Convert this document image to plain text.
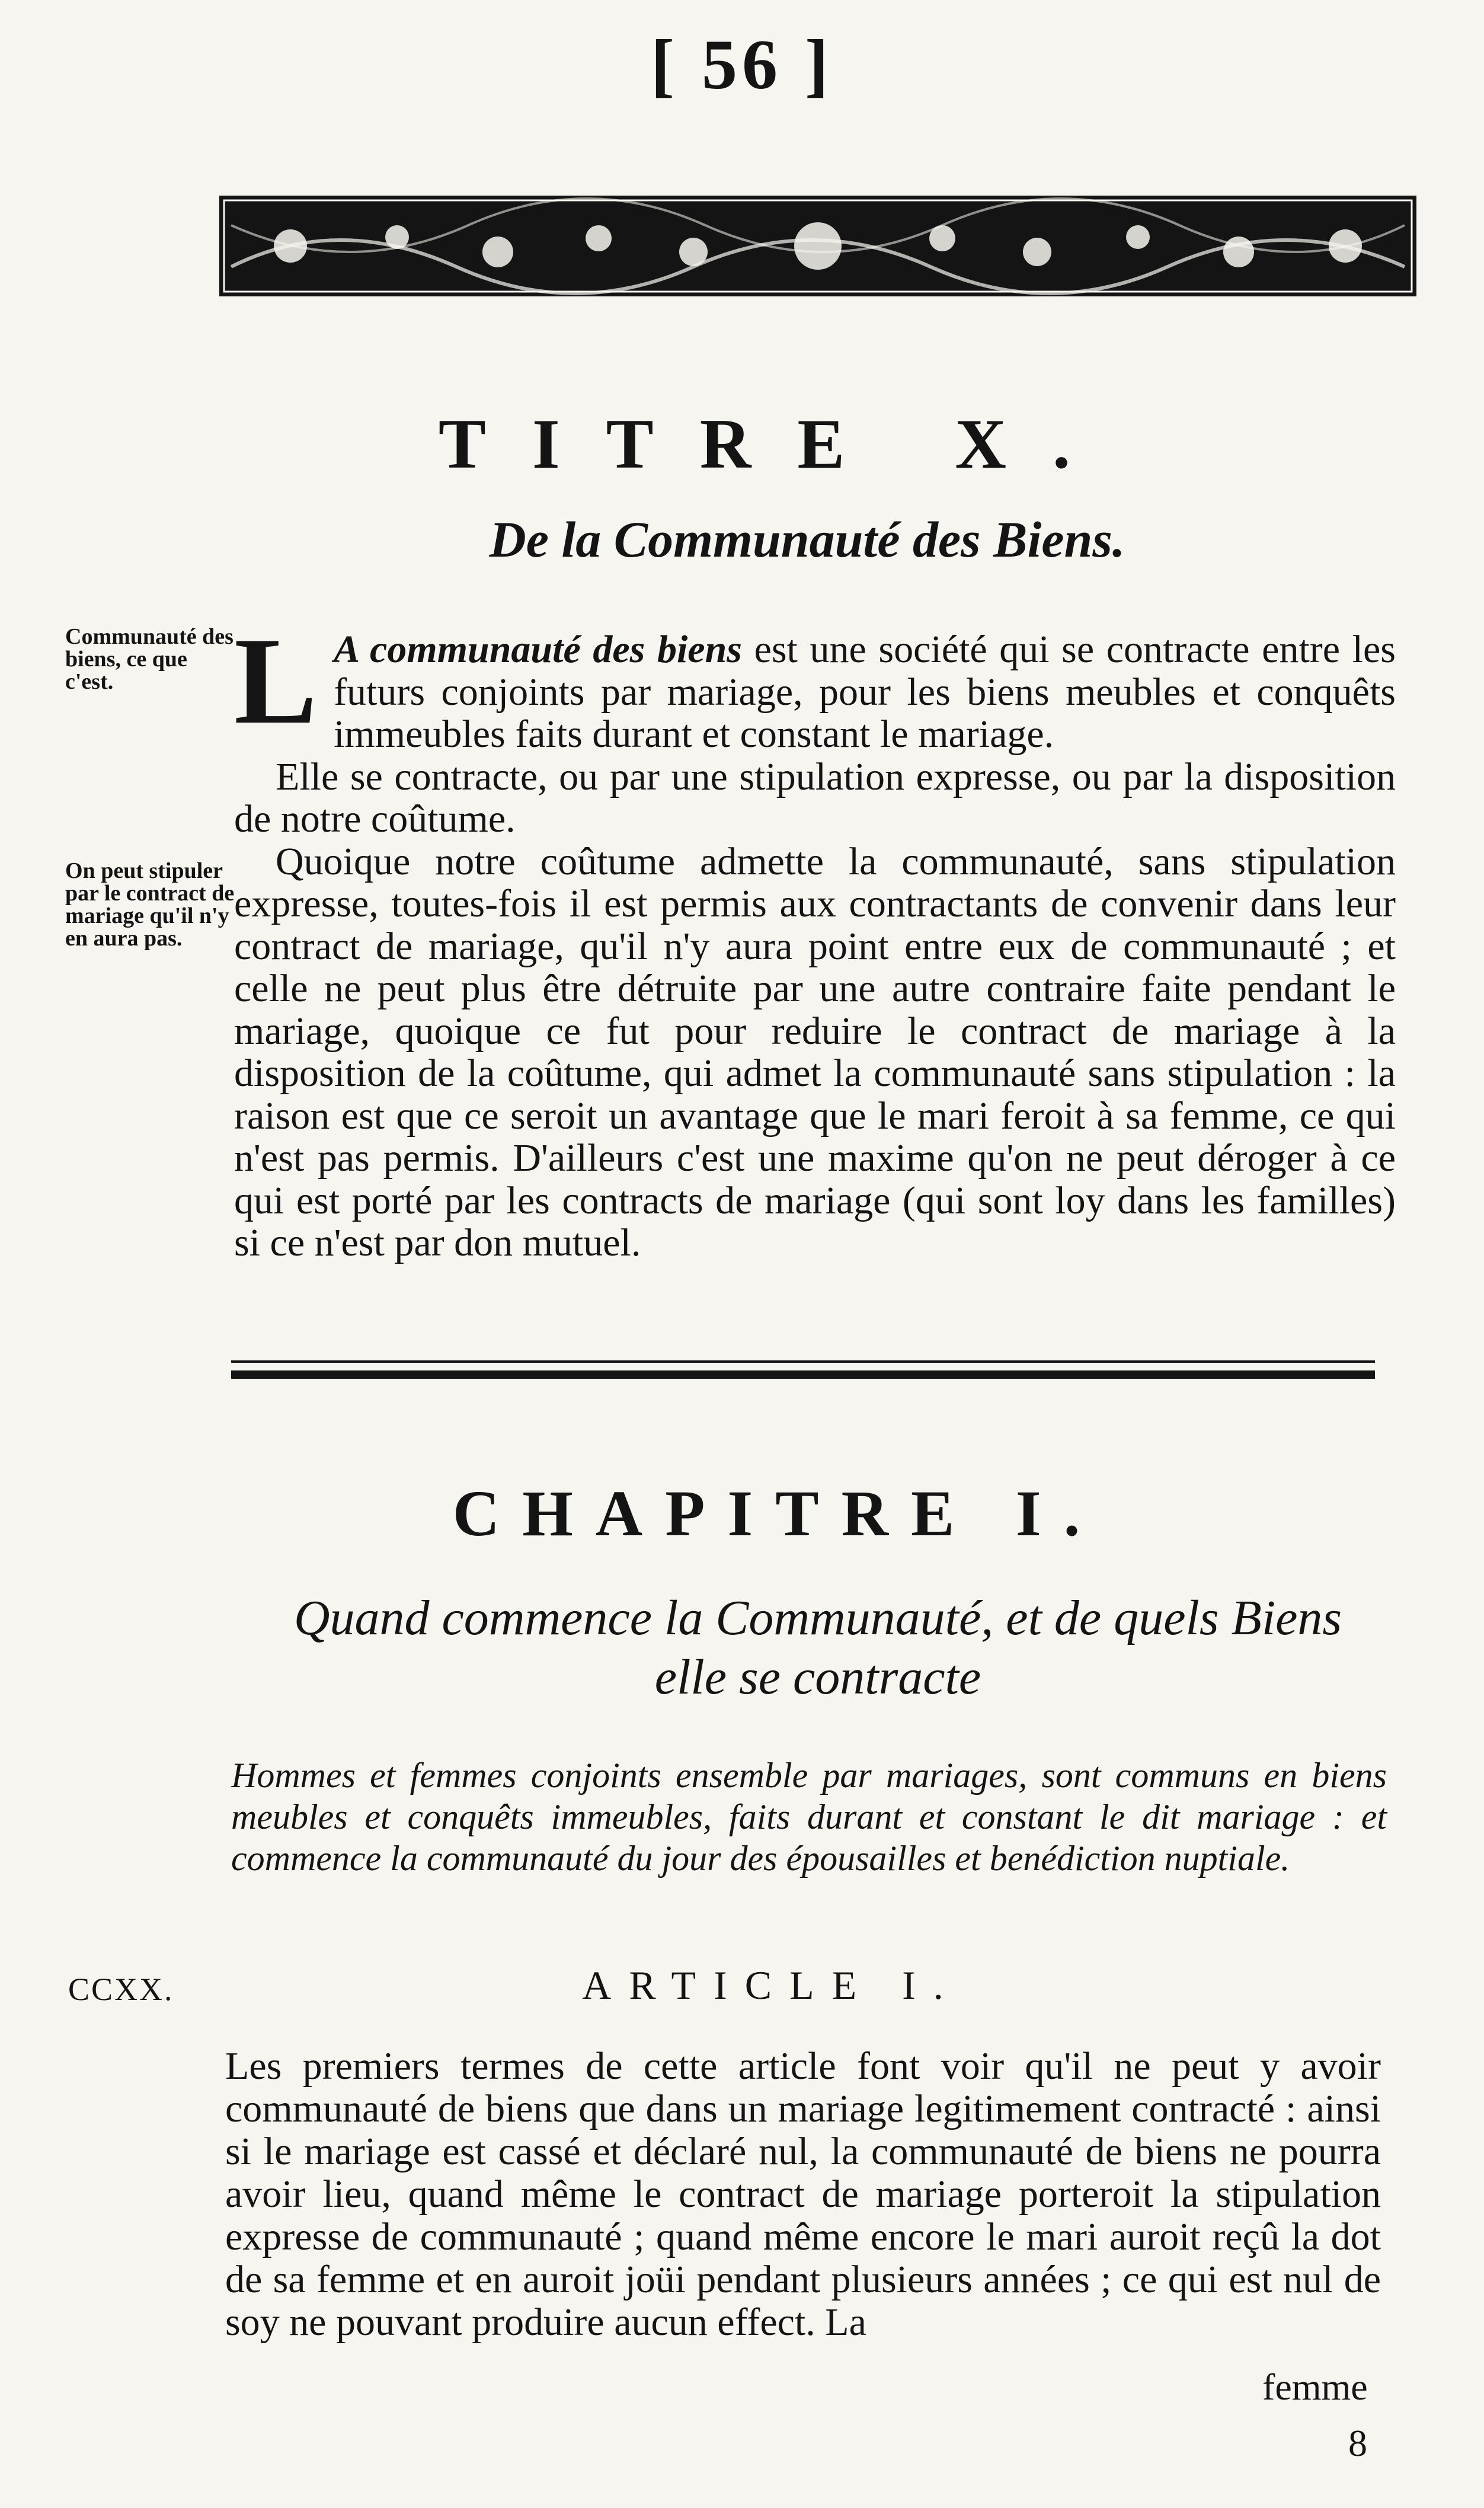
[ 56 ]
TITRE X.
De la Communauté des Biens.
Communauté des biens, ce que c'est.
On peut stipuler par le contract de mariage qu'il n'y en aura pas.

L A communauté des biens est une société qui se contracte entre les futurs conjoints par mariage, pour les biens meubles et conquêts immeubles faits durant et constant le mariage.

Elle se contracte, ou par une stipulation expresse, ou par la disposition de notre coûtume.

Quoique notre coûtume admette la communauté, sans stipulation expresse, toutes-fois il est permis aux contractants de convenir dans leur contract de mariage, qu'il n'y aura point entre eux de communauté ; et celle ne peut plus être détruite par une autre contraire faite pendant le mariage, quoique ce fut pour reduire le contract de mariage à la disposition de la coûtume, qui admet la communauté sans stipulation : la raison est que ce seroit un avantage que le mari feroit à sa femme, ce qui n'est pas permis. D'ailleurs c'est une maxime qu'on ne peut déroger à ce qui est porté par les contracts de mariage (qui sont loy dans les familles) si ce n'est par don mutuel.

CHAPITRE I.
Quand commence la Communauté, et de quels Biens elle se contracte
Hommes et femmes conjoints ensemble par mariages, sont communs en biens meubles et conquêts immeubles, faits durant et constant le dit mariage : et commence la communauté du jour des épousailles et benédiction nuptiale.
CCXX.	ARTICLE I.
Les premiers termes de cette article font voir qu'il ne peut y avoir communauté de biens que dans un mariage legitimement contracté : ainsi si le mariage est cassé et déclaré nul, la communauté de biens ne pourra avoir lieu, quand même le contract de mariage porteroit la stipulation expresse de communauté ; quand même encore le mari auroit reçû la dot de sa femme et en auroit joüi pendant plusieurs années ; ce qui est nul de soy ne pouvant produire aucun effect. La
femme
8
